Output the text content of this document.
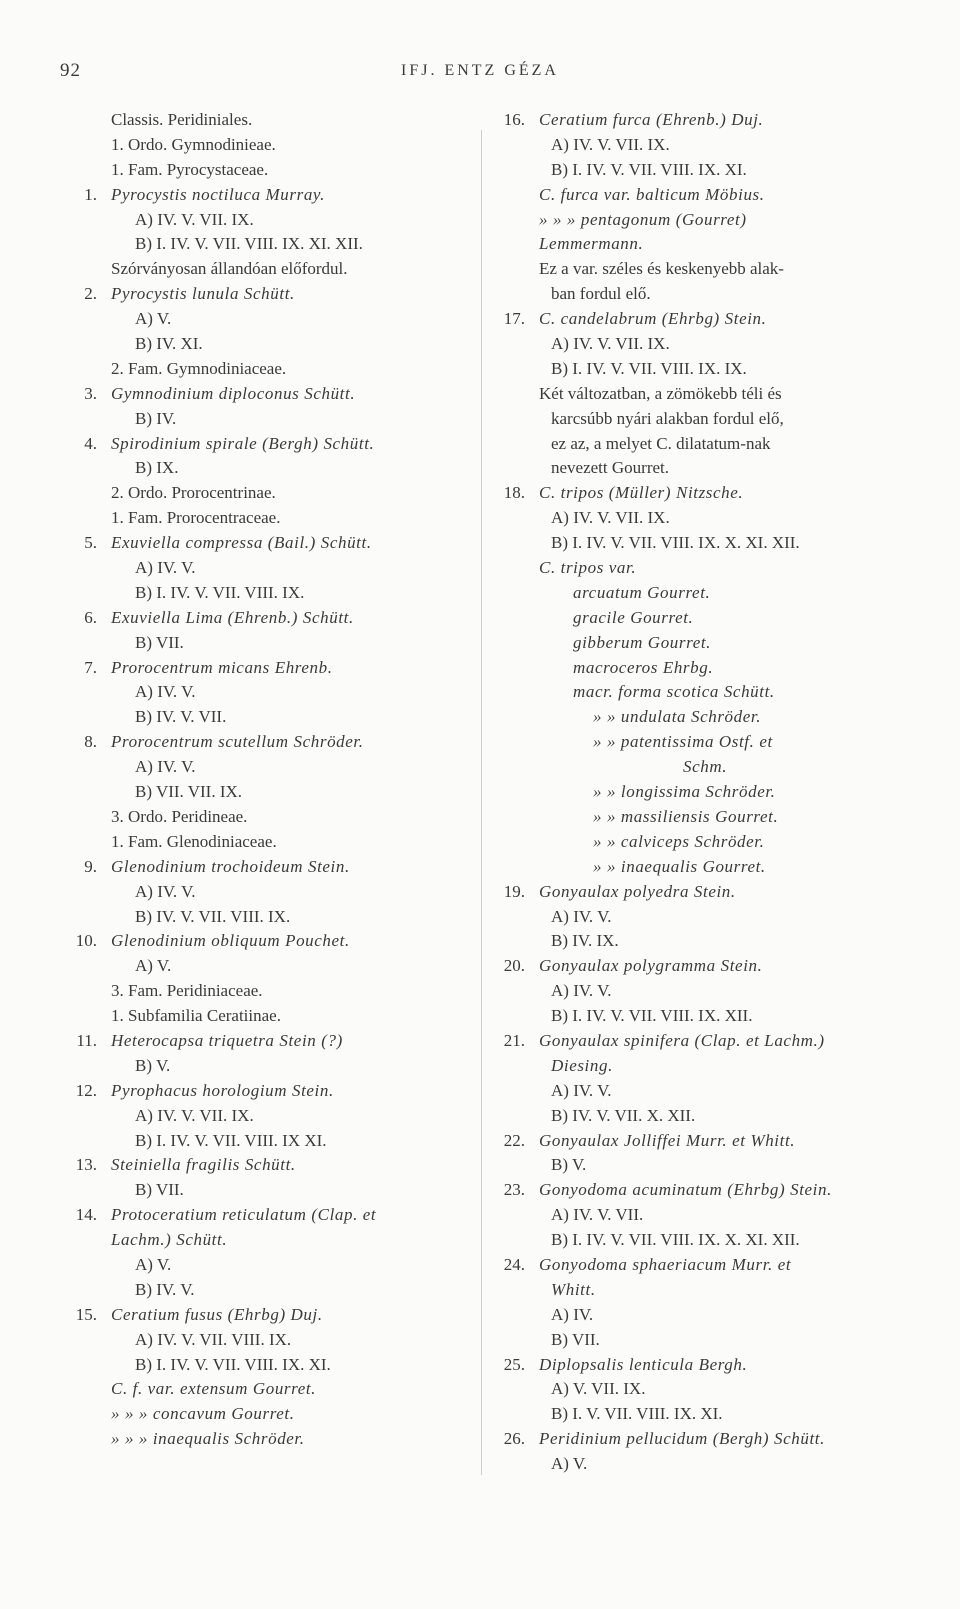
92	IFJ. ENTZ GÉZA
Classis. Peridiniales.
1. Ordo. Gymnodinieae.
1. Fam. Pyrocystaceae.
1. Pyrocystis noctiluca Murray.
A) IV. V. VII. IX.
B) I. IV. V. VII. VIII. IX. XI. XII.
Szórványosan állandóan előfordul.
2. Pyrocystis lunula Schütt.
A) V.
B) IV. XI.
2. Fam. Gymnodiniaceae.
3. Gymnodinium diploconus Schütt.
B) IV.
4. Spirodinium spirale (Bergh) Schütt.
B) IX.
2. Ordo. Prorocentrinae.
1. Fam. Prorocentraceae.
5. Exuviella compressa (Bail.) Schütt.
A) IV. V.
B) I. IV. V. VII. VIII. IX.
6. Exuviella Lima (Ehrenb.) Schütt.
B) VII.
7. Prorocentrum micans Ehrenb.
A) IV. V.
B) IV. V. VII.
8. Prorocentrum scutellum Schröder.
A) IV. V.
B) VII. VII. IX.
3. Ordo. Peridineae.
1. Fam. Glenodiniaceae.
9. Glenodinium trochoideum Stein.
A) IV. V.
B) IV. V. VII. VIII. IX.
10. Glenodinium obliquum Pouchet.
A) V.
3. Fam. Peridiniaceae.
1. Subfamilia Ceratiinae.
11. Heterocapsa triquetra Stein (?)
B) V.
12. Pyrophacus horologium Stein.
A) IV. V. VII. IX.
B) I. IV. V. VII. VIII. IX XI.
13. Steiniella fragilis Schütt.
B) VII.
14. Protoceratium reticulatum (Clap. et
Lachm.) Schütt.
A) V.
B) IV. V.
15. Ceratium fusus (Ehrbg) Duj.
A) IV. V. VII. VIII. IX.
B) I. IV. V. VII. VIII. IX. XI.
C. f. var. extensum Gourret.
» » » concavum Gourret.
» » » inaequalis Schröder.
16. Ceratium furca (Ehrenb.) Duj.
A) IV. V. VII. IX.
B) I. IV. V. VII. VIII. IX. XI.
C. furca var. balticum Möbius.
» » » pentagonum (Gourret)
Lemmermann.
Ez a var. széles és keskenyebb alak-
ban fordul elő.
17. C. candelabrum (Ehrbg) Stein.
A) IV. V. VII. IX.
B) I. IV. V. VII. VIII. IX. IX.
Két változatban, a zömökebb téli és
karcsúbb nyári alakban fordul elő,
ez az, a melyet C. dilatatum-nak
nevezett Gourret.
18. C. tripos (Müller) Nitzsche.
A) IV. V. VII. IX.
B) I. IV. V. VII. VIII. IX. X. XI. XII.
C. tripos var.
arcuatum Gourret.
gracile Gourret.
gibberum Gourret.
macroceros Ehrbg.
macr. forma scotica Schütt.
» » undulata Schröder.
» » patentissima Ostf. et
Schm.
» » longissima Schröder.
» » massiliensis Gourret.
» » calviceps Schröder.
» » inaequalis Gourret.
19. Gonyaulax polyedra Stein.
A) IV. V.
B) IV. IX.
20. Gonyaulax polygramma Stein.
A) IV. V.
B) I. IV. V. VII. VIII. IX. XII.
21. Gonyaulax spinifera (Clap. et Lachm.)
Diesing.
A) IV. V.
B) IV. V. VII. X. XII.
22. Gonyaulax Jolliffei Murr. et Whitt.
B) V.
23. Gonyodoma acuminatum (Ehrbg) Stein.
A) IV. V. VII.
B) I. IV. V. VII. VIII. IX. X. XI. XII.
24. Gonyodoma sphaeriacum Murr. et
Whitt.
A) IV.
B) VII.
25. Diplopsalis lenticula Bergh.
A) V. VII. IX.
B) I. V. VII. VIII. IX. XI.
26. Peridinium pellucidum (Bergh) Schütt.
A) V.
